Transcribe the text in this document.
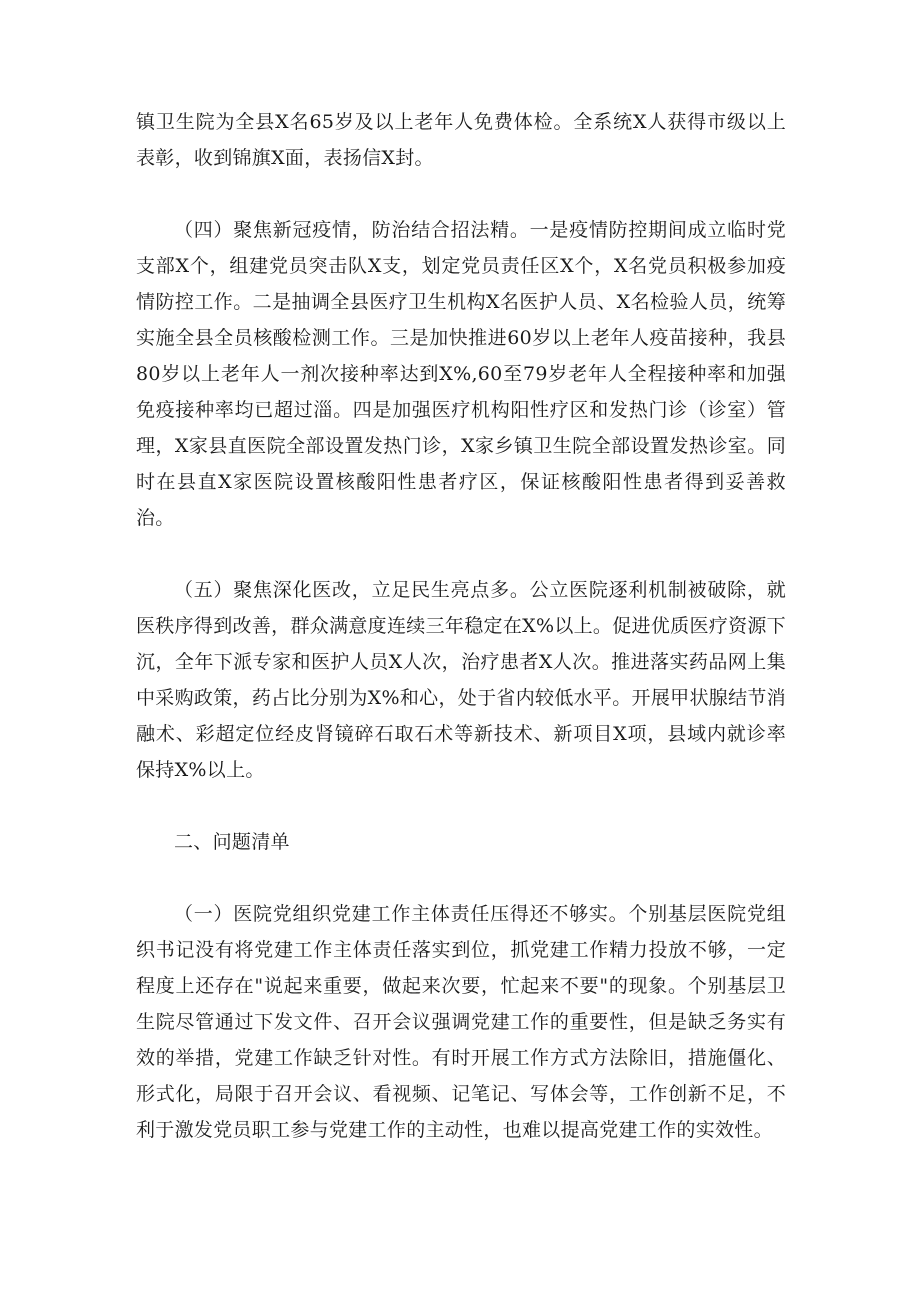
镇卫生院为全县X名65岁及以上老年人免费体检。全系统X人获得市级以上表彰，收到锦旗X面，表扬信X封。

（四）聚焦新冠疫情，防治结合招法精。一是疫情防控期间成立临时党支部X个，组建党员突击队X支，划定党员责任区X个，X名党员积极参加疫情防控工作。二是抽调全县医疗卫生机构X名医护人员、X名检验人员，统筹实施全县全员核酸检测工作。三是加快推进60岁以上老年人疫苗接种，我县80岁以上老年人一剂次接种率达到X%,60至79岁老年人全程接种率和加强免疫接种率均已超过淄。四是加强医疗机构阳性疗区和发热门诊（诊室）管理，X家县直医院全部设置发热门诊，X家乡镇卫生院全部设置发热诊室。同时在县直X家医院设置核酸阳性患者疗区，保证核酸阳性患者得到妥善救治。

（五）聚焦深化医改，立足民生亮点多。公立医院逐利机制被破除，就医秩序得到改善，群众满意度连续三年稳定在X%以上。促进优质医疗资源下沉，全年下派专家和医护人员X人次，治疗患者X人次。推进落实药品网上集中采购政策，药占比分别为X%和心，处于省内较低水平。开展甲状腺结节消融术、彩超定位经皮肾镜碎石取石术等新技术、新项目X项，县域内就诊率保持X%以上。

二、问题清单

（一）医院党组织党建工作主体责任压得还不够实。个别基层医院党组织书记没有将党建工作主体责任落实到位，抓党建工作精力投放不够，一定程度上还存在"说起来重要，做起来次要，忙起来不要"的现象。个别基层卫生院尽管通过下发文件、召开会议强调党建工作的重要性，但是缺乏务实有效的举措，党建工作缺乏针对性。有时开展工作方式方法除旧，措施僵化、形式化，局限于召开会议、看视频、记笔记、写体会等，工作创新不足，不利于激发党员职工参与党建工作的主动性，也难以提高党建工作的实效性。
